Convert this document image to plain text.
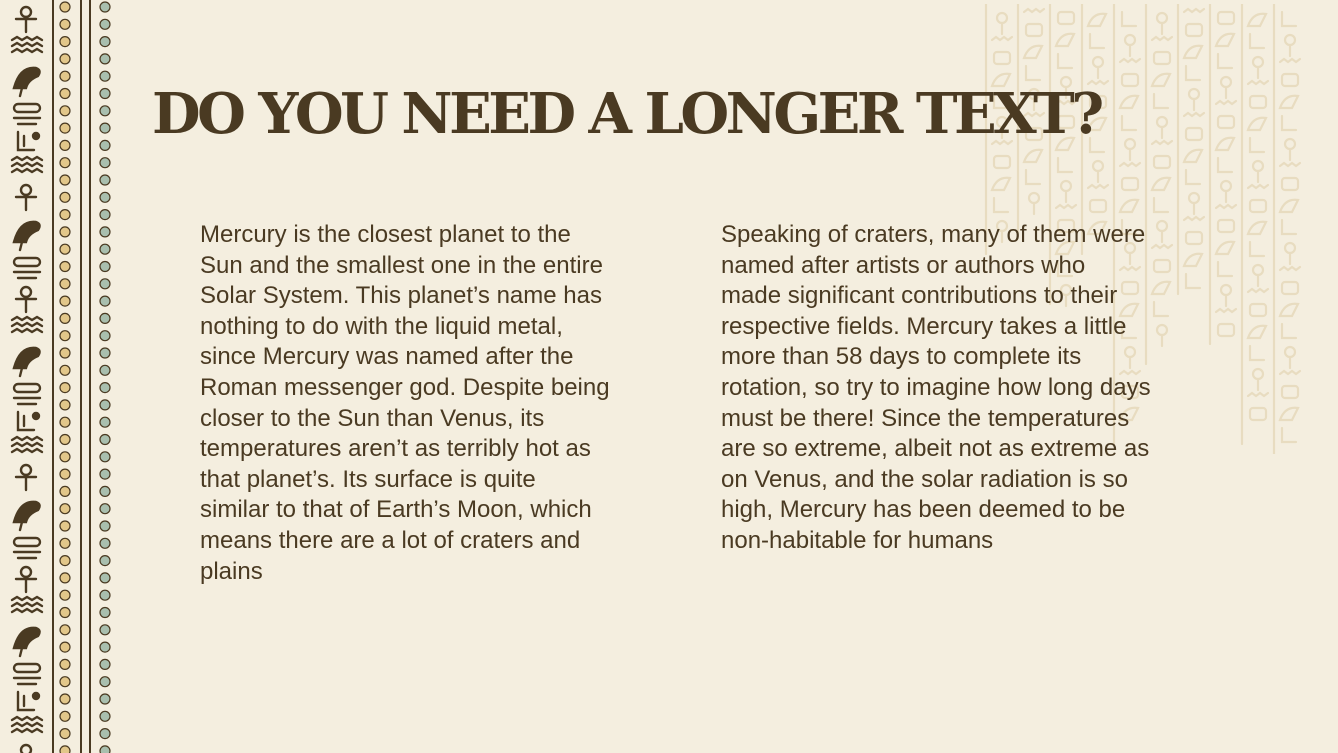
DO YOU NEED A LONGER TEXT?

Mercury is the closest planet to the Sun and the smallest one in the entire Solar System. This planet’s name has nothing to do with the liquid metal, since Mercury was named after the Roman messenger god. Despite being closer to the Sun than Venus, its temperatures aren’t as terribly hot as that planet’s. Its surface is quite similar to that of Earth’s Moon, which means there are a lot of craters and plains

Speaking of craters, many of them were named after artists or authors who made significant contributions to their respective fields. Mercury takes a little more than 58 days to complete its rotation, so try to imagine how long days must be there! Since the temperatures are so extreme, albeit not as extreme as on Venus, and the solar radiation is so high, Mercury has been deemed to be non-habitable for humans
